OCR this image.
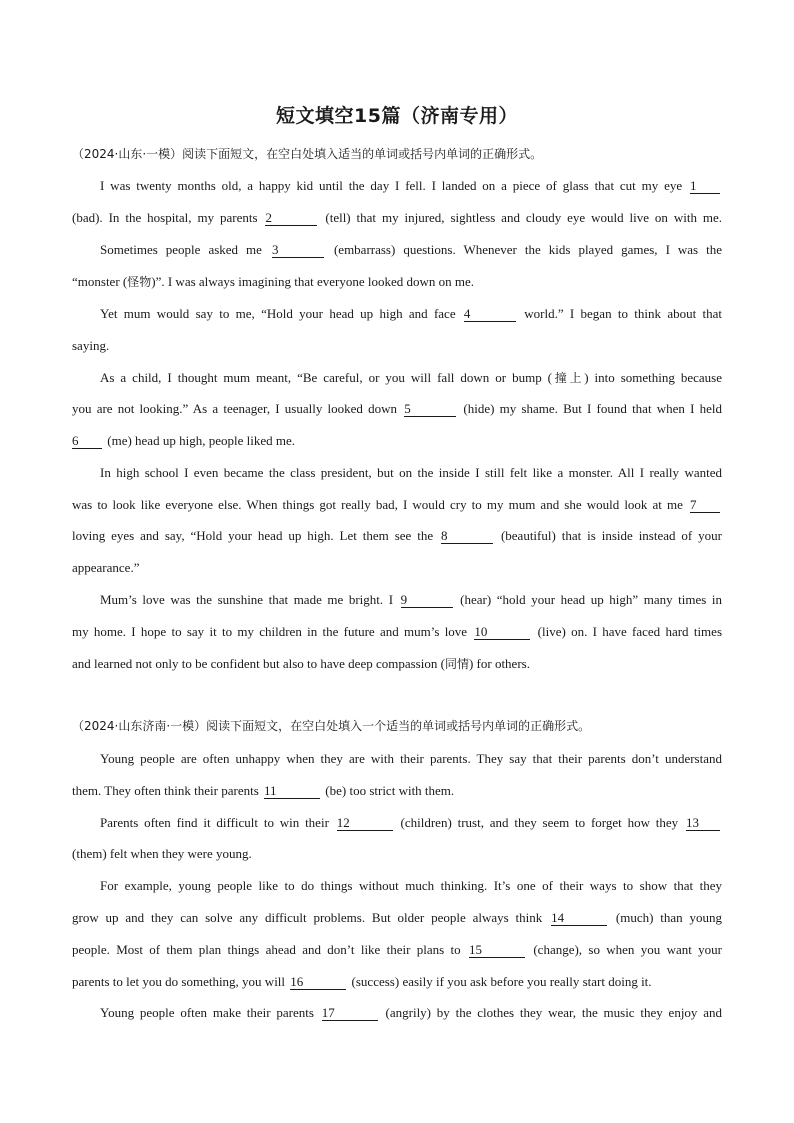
短文填空15篇（济南专用）
（2024·山东·一模）阅读下面短文，在空白处填入适当的单词或括号内单词的正确形式。
I was twenty months old, a happy kid until the day I fell. I landed on a piece of glass that cut my eye 1
(bad). In the hospital, my parents 2	(tell) that my injured, sightless and cloudy eye would live on with me.
Sometimes people asked me 3	(embarrass) questions. Whenever the kids played games, I was the
“monster (怪物)”. I was always imagining that everyone looked down on me.
Yet mum would say to me, “Hold your head up high and face 4	world.” I began to think about that
saying.
As a child, I thought mum meant, “Be careful, or you will fall down or bump (撞上) into something because
you are not looking.” As a teenager, I usually looked down 5	(hide) my shame. But I found that when I held
6 (me) head up high, people liked me.
In high school I even became the class president, but on the inside I still felt like a monster. All I really wanted
was to look like everyone else. When things got really bad, I would cry to my mum and she would look at me 7
loving eyes and say, “Hold your head up high. Let them see the 8	(beautiful) that is inside instead of your
appearance.”
Mum’s love was the sunshine that made me bright. I 9	(hear) “hold your head up high” many times in
my home. I hope to say it to my children in the future and mum’s love 10	(live) on. I have faced hard times
and learned not only to be confident but also to have deep compassion (同情) for others.
（2024·山东济南·一模）阅读下面短文，在空白处填入一个适当的单词或括号内单词的正确形式。
Young people are often unhappy when they are with their parents. They say that their parents don’t understand
them. They often think their parents 11	(be) too strict with them.
Parents often find it difficult to win their 12	(children) trust, and they seem to forget how they 13
(them) felt when they were young.
For example, young people like to do things without much thinking. It’s one of their ways to show that they
grow up and they can solve any difficult problems. But older people always think 14	(much) than young
people. Most of them plan things ahead and don’t like their plans to 15	(change), so when you want your
parents to let you do something, you will 16	(success) easily if you ask before you really start doing it.
Young people often make their parents 17	(angrily) by the clothes they wear, the music they enjoy and
